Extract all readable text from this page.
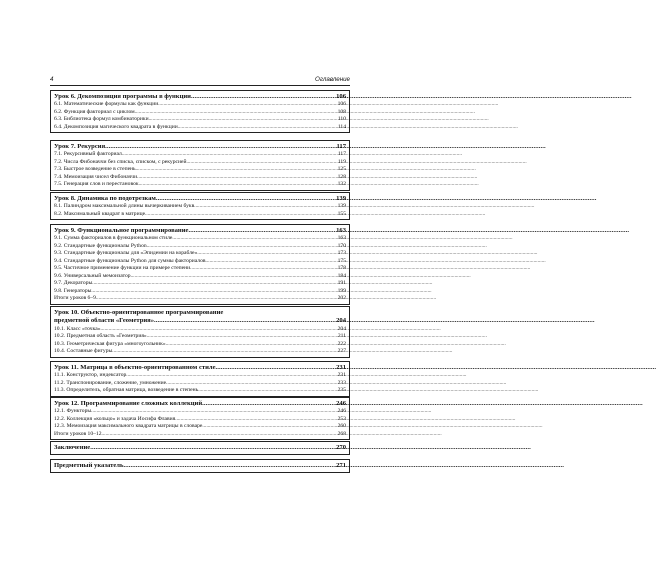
4	Оглавление
Урок 6. Декомпозиция программы в функции .....	106
6.1. Математические формулы как функции .....	106
6.2. Функция факториал с циклом .....	108
6.3. Библиотека формул комбинаторики .....	110
6.4. Декомпозиция магического квадрата в функции .....	114
Урок 7. Рекурсия .....	117
7.1. Рекурсивный факториал .....	117
7.2. Числа Фибоначчи без списка, списком, с рекурсией .....	119
7.3. Быстрое возведение в степень .....	125
7.4. Мемоизация чисел Фибоначчи .....	128
7.5. Генерация слов и перестановок .....	132
Урок 8. Динамика по подотрезкам .....	139
8.1. Палиндром максимальной длины вычеркиванием букв .....	139
8.2. Максимальный квадрат в матрице .....	155
Урок 9. Функциональное программирование .....	163
9.1. Сумма факториалов в функциональном стиле .....	163
9.2. Стандартные функционалы Python .....	170
9.3. Стандартные функционалы для «Эпидемии на корабле» .....	173
9.4. Стандартные функционалы Python для суммы факториалов .....	175
9.5. Частичное применение функции на примере степени .....	178
9.6. Универсальный мемоизатор .....	184
9.7. Декораторы .....	191
9.8. Генераторы .....	199
Итоги уроков 6–9 .....	202
Урок 10. Объектно-ориентированное программирование
предметной области «Геометрия» .....	204
10.1. Класс «точка» .....	204
10.2. Предметная область «Геометрия» .....	211
10.3. Геометрическая фигура «многоугольник» .....	222
10.4. Составные фигуры .....	227
Урок 11. Матрица в объектно-ориентированном стиле .....	231
11.1. Конструктор, индексатор .....	231
11.2. Транспонирование, сложение, умножение .....	233
11.3. Определитель, обратная матрица, возведение в степень .....	235
Урок 12. Программирование сложных коллекций .....	246
12.1. Функторы .....	246
12.2. Коллекция «кольцо» и задача Иосифа Флавия .....	253
12.3. Мемоизация максимального квадрата матрицы в словаре .....	260
Итоги уроков 10–12 .....	268
Заключение .....	270
Предметный указатель .....	271
